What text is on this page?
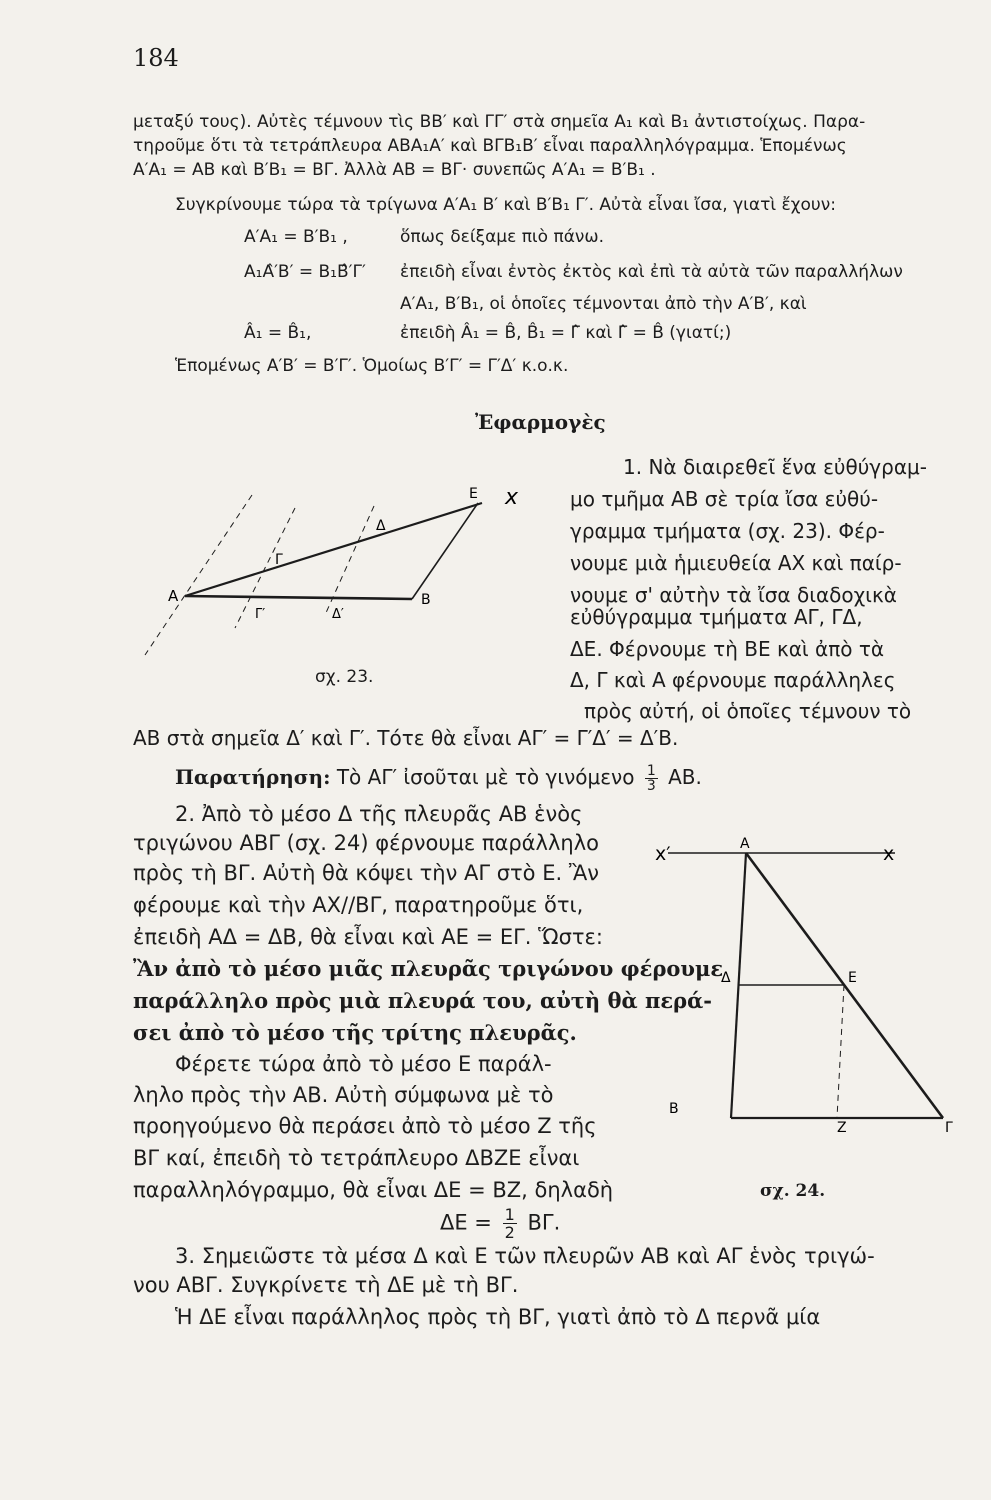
184
μεταξύ τους). Αὐτὲς τέμνουν τὶς ΒΒ′ καὶ ΓΓ′ στὰ σημεῖα Α₁ καὶ Β₁ ἀντιστοίχως. Παρα-
τηροῦμε ὅτι τὰ τετράπλευρα ΑΒΑ₁Α′ καὶ ΒΓΒ₁Β′ εἶναι παραλληλόγραμμα. Ἑπομένως
Α′Α₁ = ΑΒ καὶ Β′Β₁ = ΒΓ. Ἀλλὰ ΑΒ = ΒΓ· συνεπῶς Α′Α₁ = Β′Β₁ .
Συγκρίνουμε τώρα τὰ τρίγωνα Α′Α₁ Β′ καὶ Β′Β₁ Γ′. Αὐτὰ εἶναι ἴσα, γιατὶ ἔχουν:
Α′Α₁ = Β′Β₁ ,	ὅπως δείξαμε πιὸ πάνω.
Α₁Α̂′Β′ = Β₁Β̂′Γ′ ἐπειδὴ εἶναι ἐντὸς ἐκτὸς καὶ ἐπὶ τὰ αὐτὰ τῶν παραλλήλων
Α′Α₁, Β′Β₁, οἱ ὁποῖες τέμνονται ἀπὸ τὴν Α′Β′, καὶ
Â₁ = B̂₁,	ἐπειδὴ Â₁ = B̂, B̂₁ = Γ̂ καὶ Γ̂ = B̂ (γιατί;)
Ἑπομένως Α′Β′ = Β′Γ′. Ὁμοίως Β′Γ′ = Γ′Δ′ κ.ο.κ.
Ἐφαρμογὲς
Α	Β
Γ
Δ
Ε x
Γ′	Δ′
σχ. 23.
1. Νὰ διαιρεθεῖ ἕνα εὐθύγραμ-
μο τμῆμα ΑΒ σὲ τρία ἴσα εὐθύ-
γραμμα τμήματα (σχ. 23). Φέρ-
νουμε μιὰ ἡμιευθεία ΑΧ καὶ παίρ-
νουμε σ' αὐτὴν τὰ ἴσα διαδοχικὰ
εὐθύγραμμα τμήματα ΑΓ, ΓΔ,
ΔΕ. Φέρνουμε τὴ ΒΕ καὶ ἀπὸ τὰ
Δ, Γ καὶ Α φέρνουμε παράλληλες
πρὸς αὐτή, οἱ ὁποῖες τέμνουν τὸ
ΑΒ στὰ σημεῖα Δ′ καὶ Γ′. Τότε θὰ εἶναι ΑΓ′ = Γ′Δ′ = Δ′Β.
Παρατήρηση: Τὸ ΑΓ′ ἰσοῦται μὲ τὸ γινόμενο $\frac{1}{3} AB$.
2. Ἀπὸ τὸ μέσο Δ τῆς πλευρᾶς ΑΒ ἑνὸς
τριγώνου ΑΒΓ (σχ. 24) φέρνουμε παράλληλο
πρὸς τὴ ΒΓ. Αὐτὴ θὰ κόψει τὴν ΑΓ στὸ Ε. Ἂν
φέρουμε καὶ τὴν ΑΧ//ΒΓ, παρατηροῦμε ὅτι,
ἐπειδὴ ΑΔ = ΔΒ, θὰ εἶναι καὶ ΑΕ = ΕΓ. Ὥστε:
Ἂν ἀπὸ τὸ μέσο μιᾶς πλευρᾶς τριγώνου φέρουμε
παράλληλο πρὸς μιὰ πλευρά του, αὐτὴ θὰ περά-
σει ἀπὸ τὸ μέσο τῆς τρίτης πλευρᾶς.
Φέρετε τώρα ἀπὸ τὸ μέσο Ε παράλ-
ληλο πρὸς τὴν ΑΒ. Αὐτὴ σύμφωνα μὲ τὸ
προηγούμενο θὰ περάσει ἀπὸ τὸ μέσο Ζ τῆς
ΒΓ καί, ἐπειδὴ τὸ τετράπλευρο ΔΒΖΕ εἶναι
παραλληλόγραμμο, θὰ εἶναι ΔΕ = ΒΖ, δηλαδὴ
$\Delta E = \frac{1}{2} B\Gamma$.
Α	x
x′
Δ	Ε
Β
Γ
Ζ
σχ. 24.
3. Σημειῶστε τὰ μέσα Δ καὶ Ε τῶν πλευρῶν ΑΒ καὶ ΑΓ ἑνὸς τριγώ-
νου ΑΒΓ. Συγκρίνετε τὴ ΔΕ μὲ τὴ ΒΓ.
Ἡ ΔΕ εἶναι παράλληλος πρὸς τὴ ΒΓ, γιατὶ ἀπὸ τὸ Δ περνᾶ μία
